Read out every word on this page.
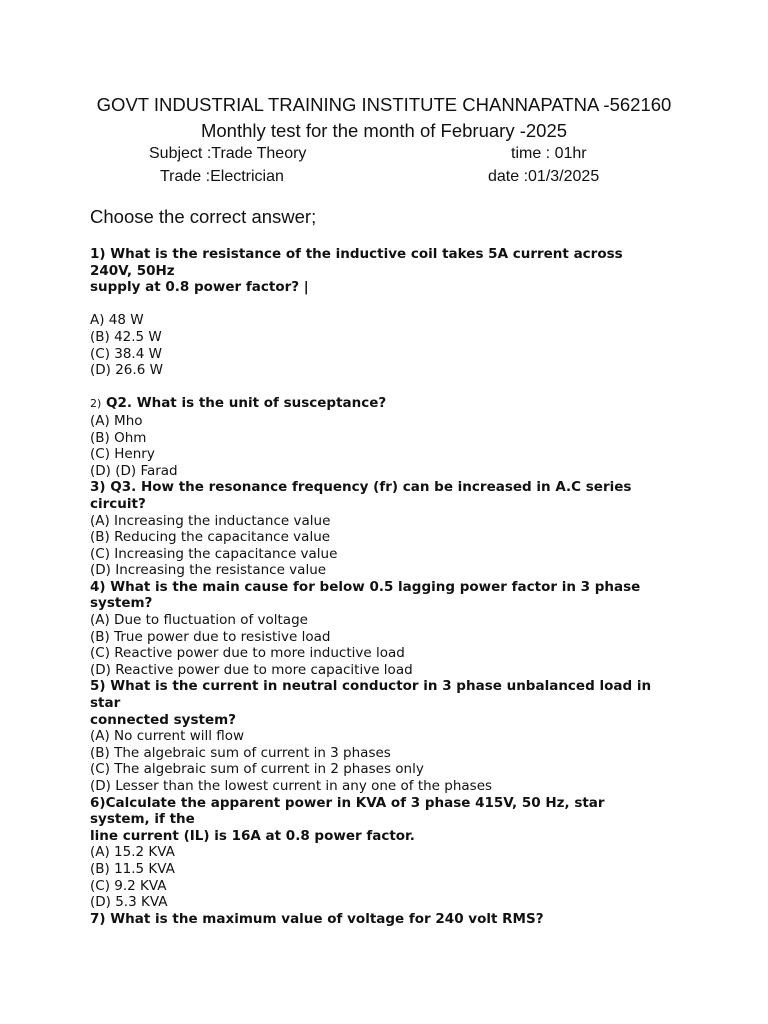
GOVT INDUSTRIAL TRAINING INSTITUTE CHANNAPATNA -562160
Monthly test for the month of February -2025
Subject :Trade Theory	time : 01hr
Trade :Electrician	date :01/3/2025
Choose the correct answer;

1) What is the resistance of the inductive coil takes 5A current across

240V, 50Hz

supply at 0.8 power factor? |

A) 48 W

(B) 42.5 W

(C) 38.4 W

(D) 26.6 W

2) Q2. What is the unit of susceptance?

(A) Mho

(B) Ohm

(C) Henry

(D) (D) Farad

3) Q3. How the resonance frequency (fr) can be increased in A.C series

circuit?

(A) Increasing the inductance value

(B) Reducing the capacitance value

(C) Increasing the capacitance value

(D) Increasing the resistance value

4) What is the main cause for below 0.5 lagging power factor in 3 phase

system?

(A) Due to fluctuation of voltage

(B) True power due to resistive load

(C) Reactive power due to more inductive load

(D) Reactive power due to more capacitive load

5) What is the current in neutral conductor in 3 phase unbalanced load in

star

connected system?

(A) No current will flow

(B) The algebraic sum of current in 3 phases

(C) The algebraic sum of current in 2 phases only

(D) Lesser than the lowest current in any one of the phases

6)Calculate the apparent power in KVA of 3 phase 415V, 50 Hz, star

system, if the

line current (IL) is 16A at 0.8 power factor.

(A) 15.2 KVA

(B) 11.5 KVA

(C) 9.2 KVA

(D) 5.3 KVA

7) What is the maximum value of voltage for 240 volt RMS?
